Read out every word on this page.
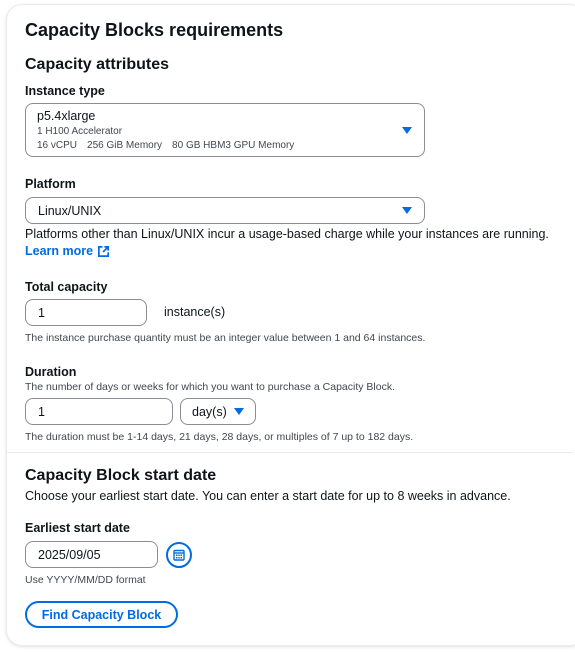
Capacity Blocks requirements
Capacity attributes
Instance type
p5.4xlarge
1 H100 Accelerator
16 vCPU 256 GiB Memory 80 GB HBM3 GPU Memory
Platform
Linux/UNIX
Platforms other than Linux/UNIX incur a usage-based charge while your instances are running.
Learn more
Total capacity
1	instance(s)
The instance purchase quantity must be an integer value between 1 and 64 instances.
Duration
The number of days or weeks for which you want to purchase a Capacity Block.
1	day(s)
The duration must be 1-14 days, 21 days, 28 days, or multiples of 7 up to 182 days.
Capacity Block start date
Choose your earliest start date. You can enter a start date for up to 8 weeks in advance.
Earliest start date
2025/09/05
Use YYYY/MM/DD format
Find Capacity Block
